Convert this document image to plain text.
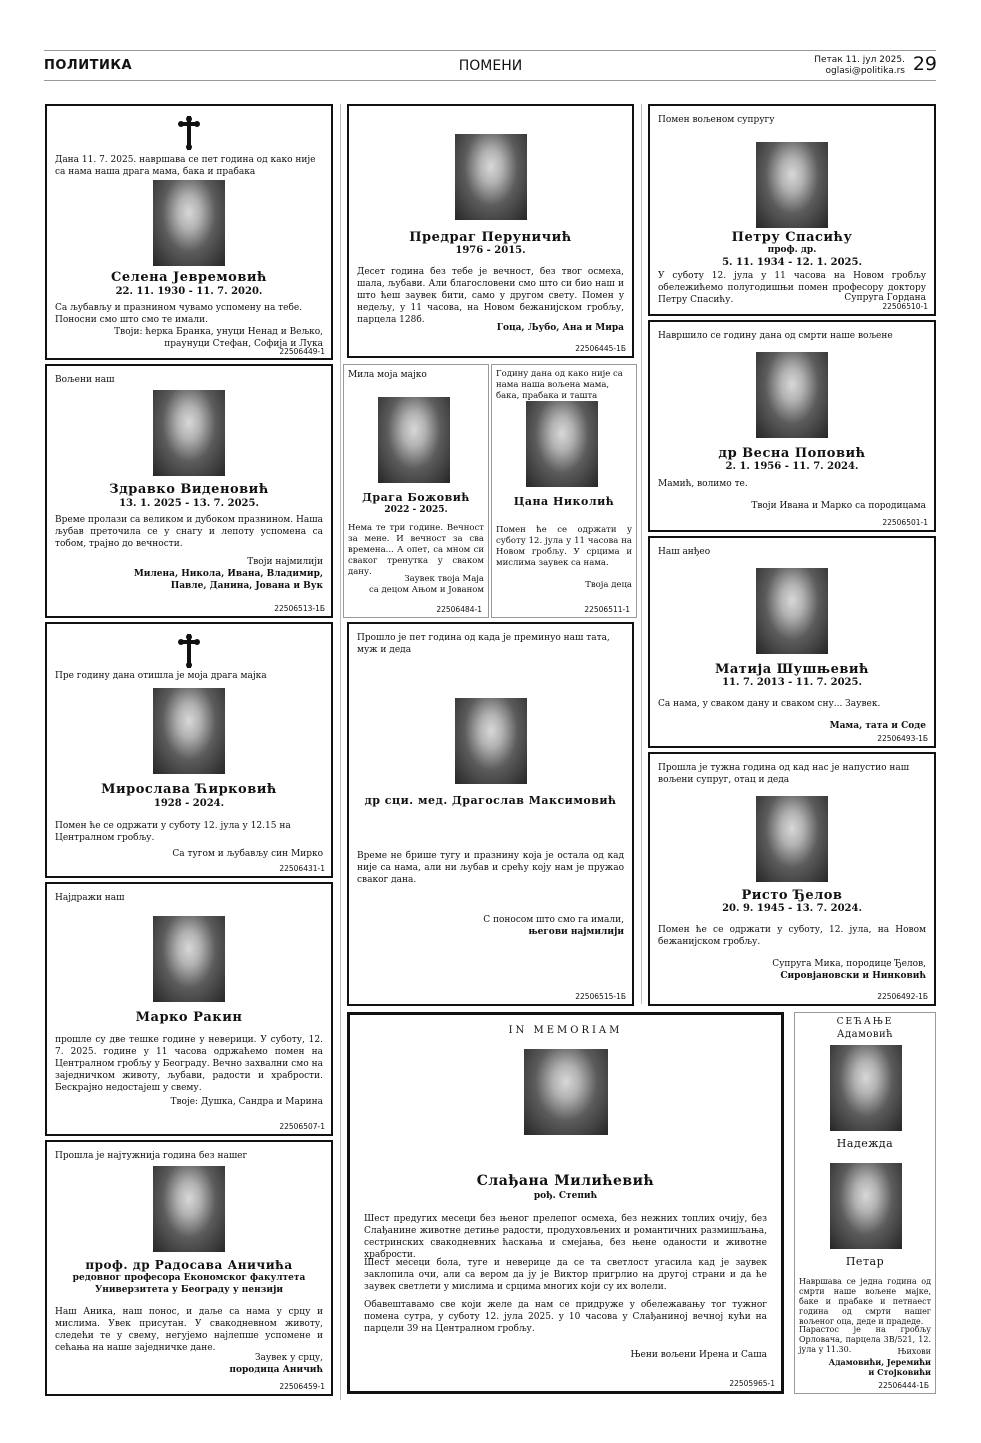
ПОЛИТИКА	ПОМЕНИ	Петак 11. јул 2025.
oglasi@politika.rs 29
Дана 11. 7. 2025. навршава се пет година од како није са нама наша драга мама, бака и прабака
Селена Јевремовић
22. 11. 1930 - 11. 7. 2020.
Са љубављу и празнином чувамо успомену на тебе. Поносни смо што смо те имали.
Твоји: ћерка Бранка, унуци Ненад и Вељко,
праунуци Стефан, Софија и Лука
22506449-1
Вољени наш
Здравко Виденовић
13. 1. 2025 - 13. 7. 2025.
Време пролази са великом и дубоком празнином. Наша љубав преточила се у снагу и лепоту успомена са тобом, трајно до вечности.
Твоји најмилији
Милена, Никола, Ивана, Владимир,
Павле, Данина, Јована и Вук
22506513-1Б
Пре годину дана отишла је моја драга мајка
Мирослава Ћирковић
1928 - 2024.
Помен ће се одржати у суботу 12. јула у 12.15 на Централном гробљу.
Са тугом и љубављу син Мирко
22506431-1
Најдражи наш
Марко Ракин
прошле су две тешке године у неверици. У суботу, 12. 7. 2025. године у 11 часова одржаћемо помен на Централном гробљу у Београду. Вечно захвални смо на заједничком животу, љубави, радости и храбрости. Бескрајно недостајеш у свему.
Твоје: Душка, Сандра и Марина
22506507-1
Прошла је најтужнија година без нашег
проф. др Радосава Аничића
редовног професора Економског факултета
Универзитета у Београду у пензији
Наш Аника, наш понос, и даље са нама у срцу и мислима. Увек присутан. У свакодневном животу, следећи те у свему, негујемо најлепше успомене и сећања на наше заједничке дане.
Заувек у срцу,
породица Аничић
22506459-1
Предраг Перуничић
1976 - 2015.
Десет година без тебе је вечност, без твог осмеха, шала, љубави. Али благословени смо што си био наш и што ћеш заувек бити, само у другом свету. Помен у недељу, у 11 часова, на Новом бежанијском гробљу, парцела 128б.
Гоца, Љубо, Ана и Мира
22506445-1Б
Мила моја мајко
Драга Божовић
2022 - 2025.
Нема те три године. Вечност за мене. И вечност за сва времена... А опет, са мном си сваког тренутка у сваком дану.
Заувек твоја Маја
са децом Ањом и Јованом
22506484-1
Годину дана од како није са нама наша вољена мама, бака, прабака и ташта
Цана Николић
Помен ће се одржати у суботу 12. јула у 11 часова на Новом гробљу. У срцима и мислима заувек са нама.
Твоја деца
22506511-1
Прошло је пет година од када је преминуо наш тата, муж и деда
др сци. мед. Драгослав Максимовић
Време не брише тугу и празнину која је остала од кад није са нама, али ни љубав и срећу коју нам је пружао сваког дана.
С поносом што смо га имали,
његови најмилији
22506515-1Б
IN MEMORIAM
Слађана Милићевић
рођ. Степић
Шест предугих месеци без њеног прелепог осмеха, без нежних топлих очију, без Слађанине животне детиње радости, продуховљених и романтичних размишљања, сестринских свакодневних ћаскања и смејања, без њене оданости и животне храбрости.
Шест месеци бола, туге и неверице да се та светлост угасила кад је заувек заклопила очи, али са вером да ју је Виктор пригрлио на другој страни и да ће заувек светлети у мислима и срцима многих који су их волели.
Обавештавамо све који желе да нам се придруже у обележавању тог тужног помена сутра, у суботу 12. јула 2025. у 10 часова у Слађаниној вечној кући на парцели 39 на Централном гробљу.
Њени вољени Ирена и Саша
22505965-1
Помен вољеном супругу
Петру Спасићу
проф. др.
5. 11. 1934 - 12. 1. 2025.
У суботу 12. јула у 11 часова на Новом гробљу обележићемо полугодишњи помен професору доктору Петру Спасићу.	Супруга Гордана
22506510-1
Навршило се годину дана од смрти наше вољене
др Весна Поповић
2. 1. 1956 - 11. 7. 2024.
Мамић, волимо те.
Твоји Ивана и Марко са породицама
22506501-1
Наш анђео
Матија Шушњевић
11. 7. 2013 - 11. 7. 2025.
Са нама, у сваком дану и сваком сну... Заувек.
Мама, тата и Соде
22506493-1Б
Прошла је тужна година од кад нас је напустио наш вољени супруг, отац и деда
Ристо Ђелов
20. 9. 1945 - 13. 7. 2024.
Помен ће се одржати у суботу, 12. јула, на Новом бежанијском гробљу.
Супруга Мика, породице Ђелов,
Сировјановски и Нинковић
22506492-1Б
СЕЋАЊЕ
Адамовић
Надежда
Петар
Навршава се једна година од смрти наше вољене мајке, баке и прабаке и петнаест година од смрти нашег вољеног оца, деде и прадеде.
Парастос је на гробљу Орловача, парцела 3В/521, 12. јула у 11.30.	Њихови
Адамовићи, Јеремићи
и Стојковићи
22506444-1Б
